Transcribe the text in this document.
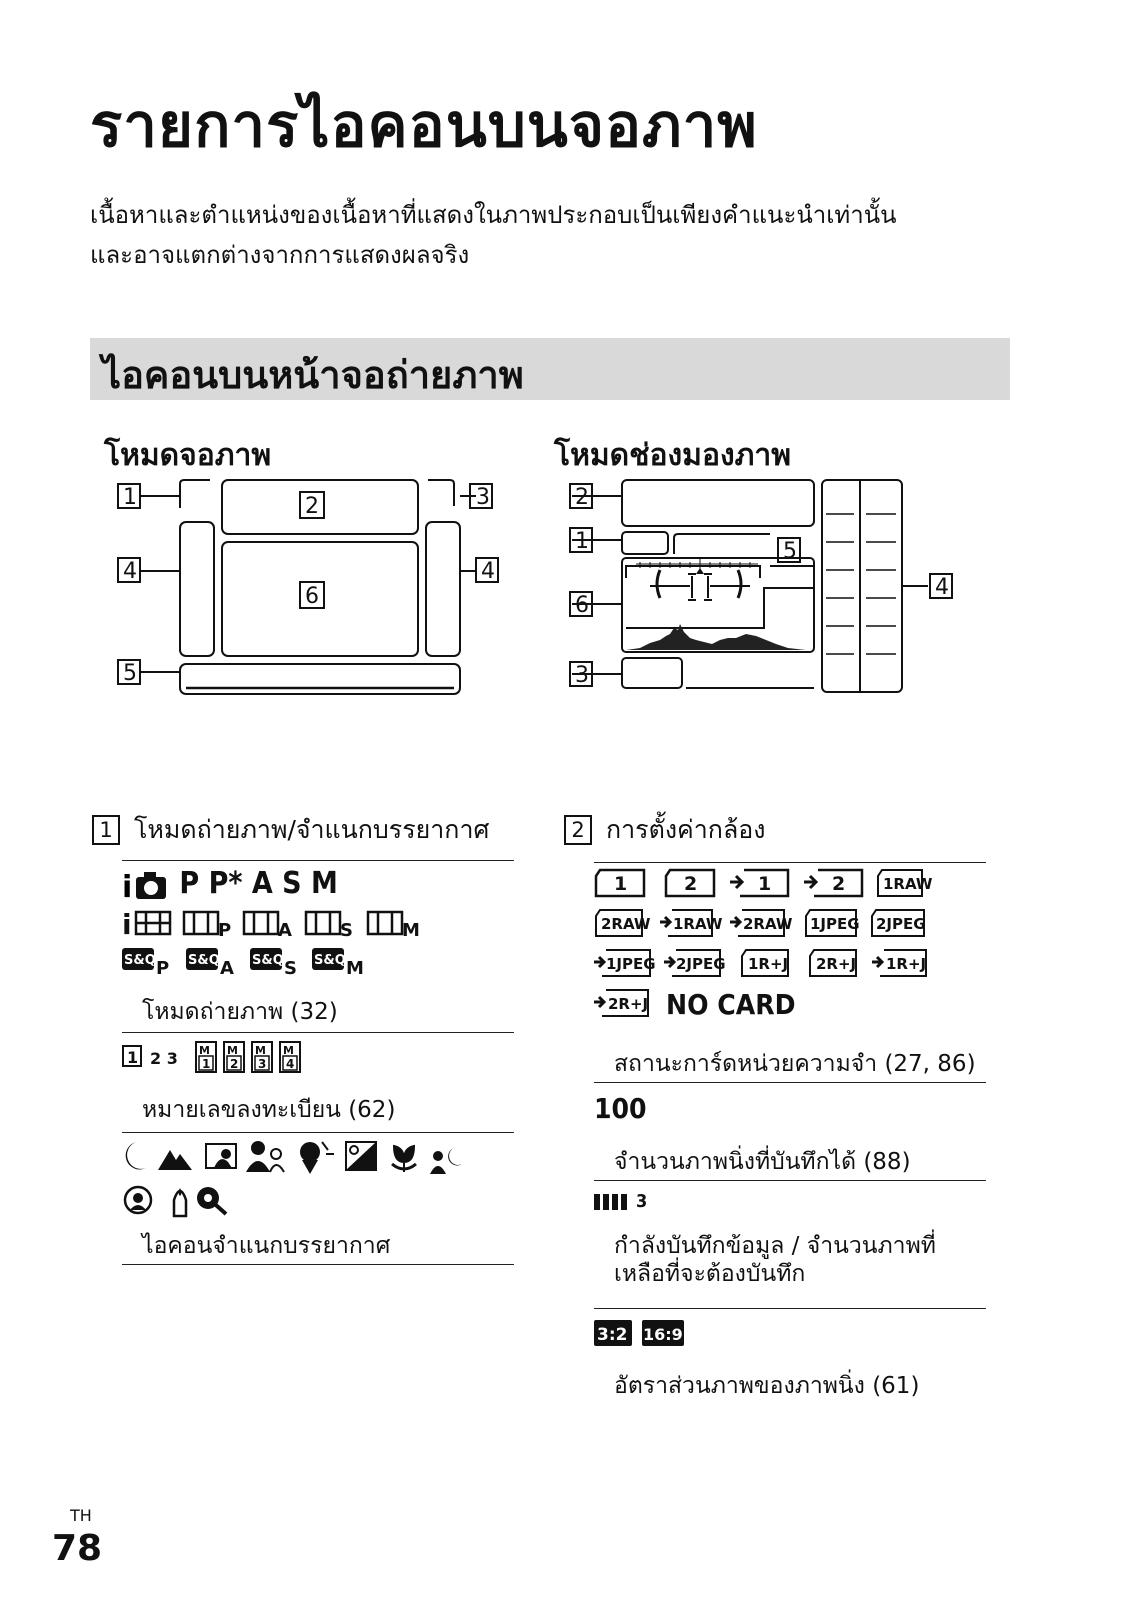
รายการไอคอนบนจอภาพ
เนื้อหาและตำแหน่งของเนื้อหาที่แสดงในภาพประกอบเป็นเพียงคำแนะนำเท่านั้น
และอาจแตกต่างจากการแสดงผลจริง
ไอคอนบนหน้าจอถ่ายภาพ
โหมดจอภาพ	โหมดช่องมองภาพ
1	2	3
4
6
4
5
2
1	5
6
3
4
1 โหมดถ่ายภาพ/จำแนกบรรยากาศ
i P P* A S M
i	P	A	S	M
S&Q P S&Q A S&Q S S&Q M
โหมดถ่ายภาพ (32)
1 2 3 M
1
M
2
M
3
M
4
หมายเลขลงทะเบียน (62)
ไอคอนจำแนกบรรยากาศ
2 การตั้งค่ากล้อง
1	2	1	2	1RAW
2RAW 1RAW 2RAW 1JPEG 2JPEG
1JPEG 2JPEG 1R+J 2R+J 1R+J
2R+J NO CARD
สถานะการ์ดหน่วยความจำ (27, 86)
100
จำนวนภาพนิ่งที่บันทึกได้ (88)
3
กำลังบันทึกข้อมูล / จำนวนภาพที่
เหลือที่จะต้องบันทึก
3:2 16:9
อัตราส่วนภาพของภาพนิ่ง (61)
TH
78
